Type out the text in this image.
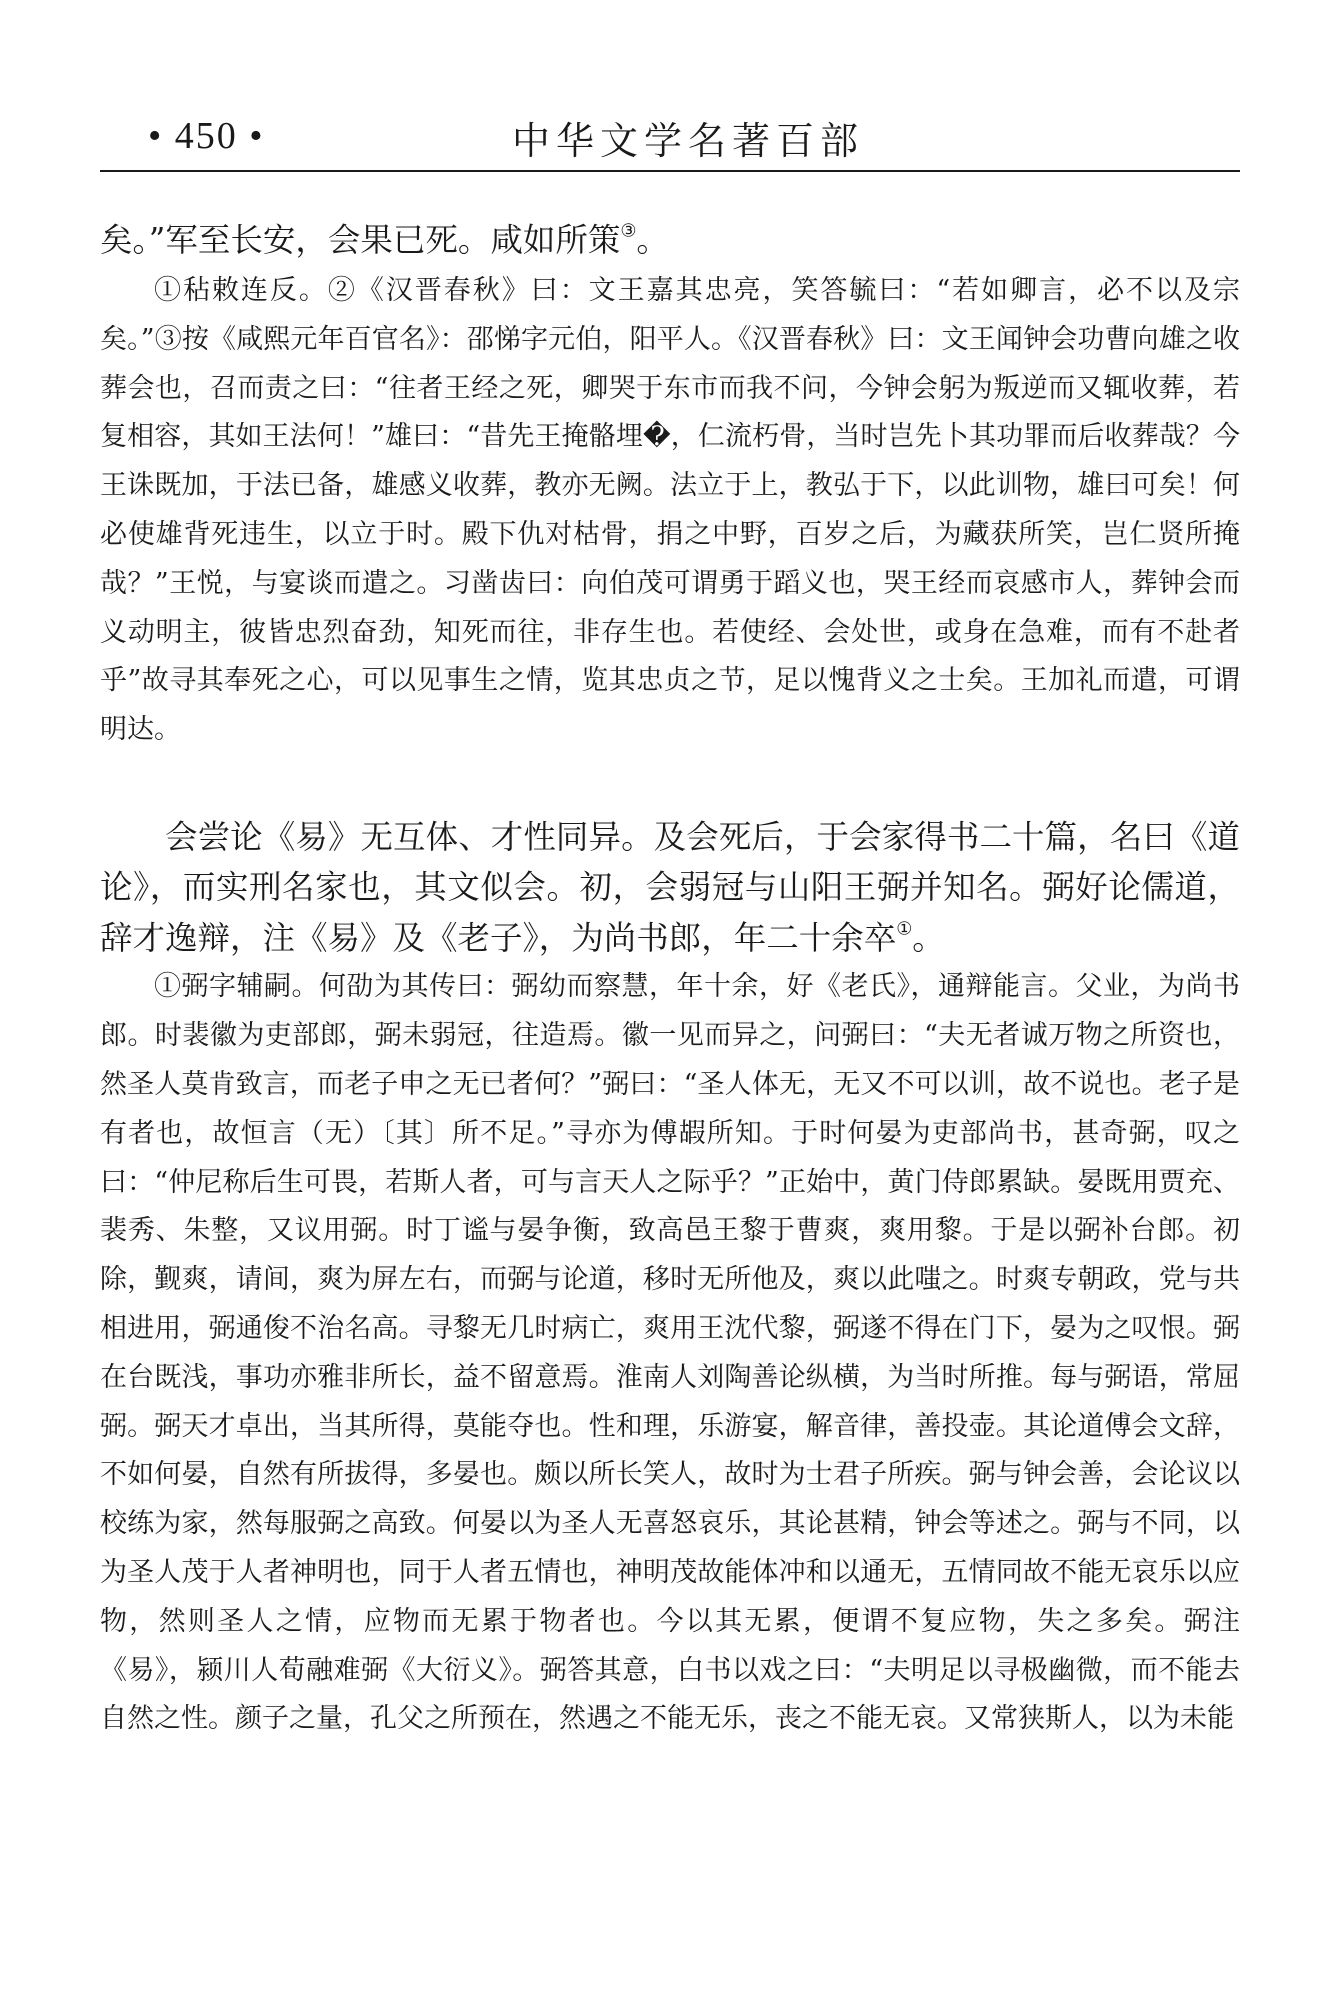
• 450 •	中华文学名著百部

矣。”军至长安，会果已死。咸如所策③。

①秥敕连反。②《汉晋春秋》曰：文王嘉其忠亮，笑答毓曰：“若如卿言，必不以及宗矣。”③按《咸熙元年百官名》：邵悌字元伯，阳平人。《汉晋春秋》曰：文王闻钟会功曹向雄之收葬会也，召而责之曰：“往者王经之死，卿哭于东市而我不问，今钟会躬为叛逆而又辄收葬，若复相容，其如王法何！”雄曰：“昔先王掩骼埋�，仁流朽骨，当时岂先卜其功罪而后收葬哉？今王诛既加，于法已备，雄感义收葬，教亦无阙。法立于上，教弘于下，以此训物，雄曰可矣！何必使雄背死违生，以立于时。殿下仇对枯骨，捐之中野，百岁之后，为藏获所笑，岂仁贤所掩哉？”王悦，与宴谈而遣之。习凿齿曰：向伯茂可谓勇于蹈义也，哭王经而哀感市人，葬钟会而义动明主，彼皆忠烈奋劲，知死而往，非存生也。若使经、会处世，或身在急难，而有不赴者乎”故寻其奉死之心，可以见事生之情，览其忠贞之节，足以愧背义之士矣。王加礼而遣，可谓明达。

会尝论《易》无互体、才性同异。及会死后，于会家得书二十篇，名曰《道论》，而实刑名家也，其文似会。初，会弱冠与山阳王弼并知名。弼好论儒道，辞才逸辩，注《易》及《老子》，为尚书郎，年二十余卒①。

①弼字辅嗣。何劭为其传曰：弼幼而察慧，年十余，好《老氏》，通辩能言。父业，为尚书郎。时裴徽为吏部郎，弼未弱冠，往造焉。徽一见而异之，问弼曰：“夫无者诚万物之所资也，然圣人莫肯致言，而老子申之无已者何？”弼曰：“圣人体无，无又不可以训，故不说也。老子是有者也，故恒言（无）〔其〕所不足。”寻亦为傅嘏所知。于时何晏为吏部尚书，甚奇弼，叹之曰：“仲尼称后生可畏，若斯人者，可与言天人之际乎？”正始中，黄门侍郎累缺。晏既用贾充、裴秀、朱整，又议用弼。时丁谧与晏争衡，致高邑王黎于曹爽，爽用黎。于是以弼补台郎。初除，觐爽，请间，爽为屏左右，而弼与论道，移时无所他及，爽以此嗤之。时爽专朝政，党与共相进用，弼通俊不治名高。寻黎无几时病亡，爽用王沈代黎，弼遂不得在门下，晏为之叹恨。弼在台既浅，事功亦雅非所长，益不留意焉。淮南人刘陶善论纵横，为当时所推。每与弼语，常屈弼。弼天才卓出，当其所得，莫能夺也。性和理，乐游宴，解音律，善投壶。其论道傅会文辞，不如何晏，自然有所拔得，多晏也。颇以所长笑人，故时为士君子所疾。弼与钟会善，会论议以校练为家，然每服弼之高致。何晏以为圣人无喜怒哀乐，其论甚精，钟会等述之。弼与不同，以为圣人茂于人者神明也，同于人者五情也，神明茂故能体冲和以通无，五情同故不能无哀乐以应物，然则圣人之情，应物而无累于物者也。今以其无累，便谓不复应物，失之多矣。弼注《易》，颍川人荀融难弼《大衍义》。弼答其意，白书以戏之曰：“夫明足以寻极幽微，而不能去自然之性。颜子之量，孔父之所预在，然遇之不能无乐，丧之不能无哀。又常狭斯人，以为未能
